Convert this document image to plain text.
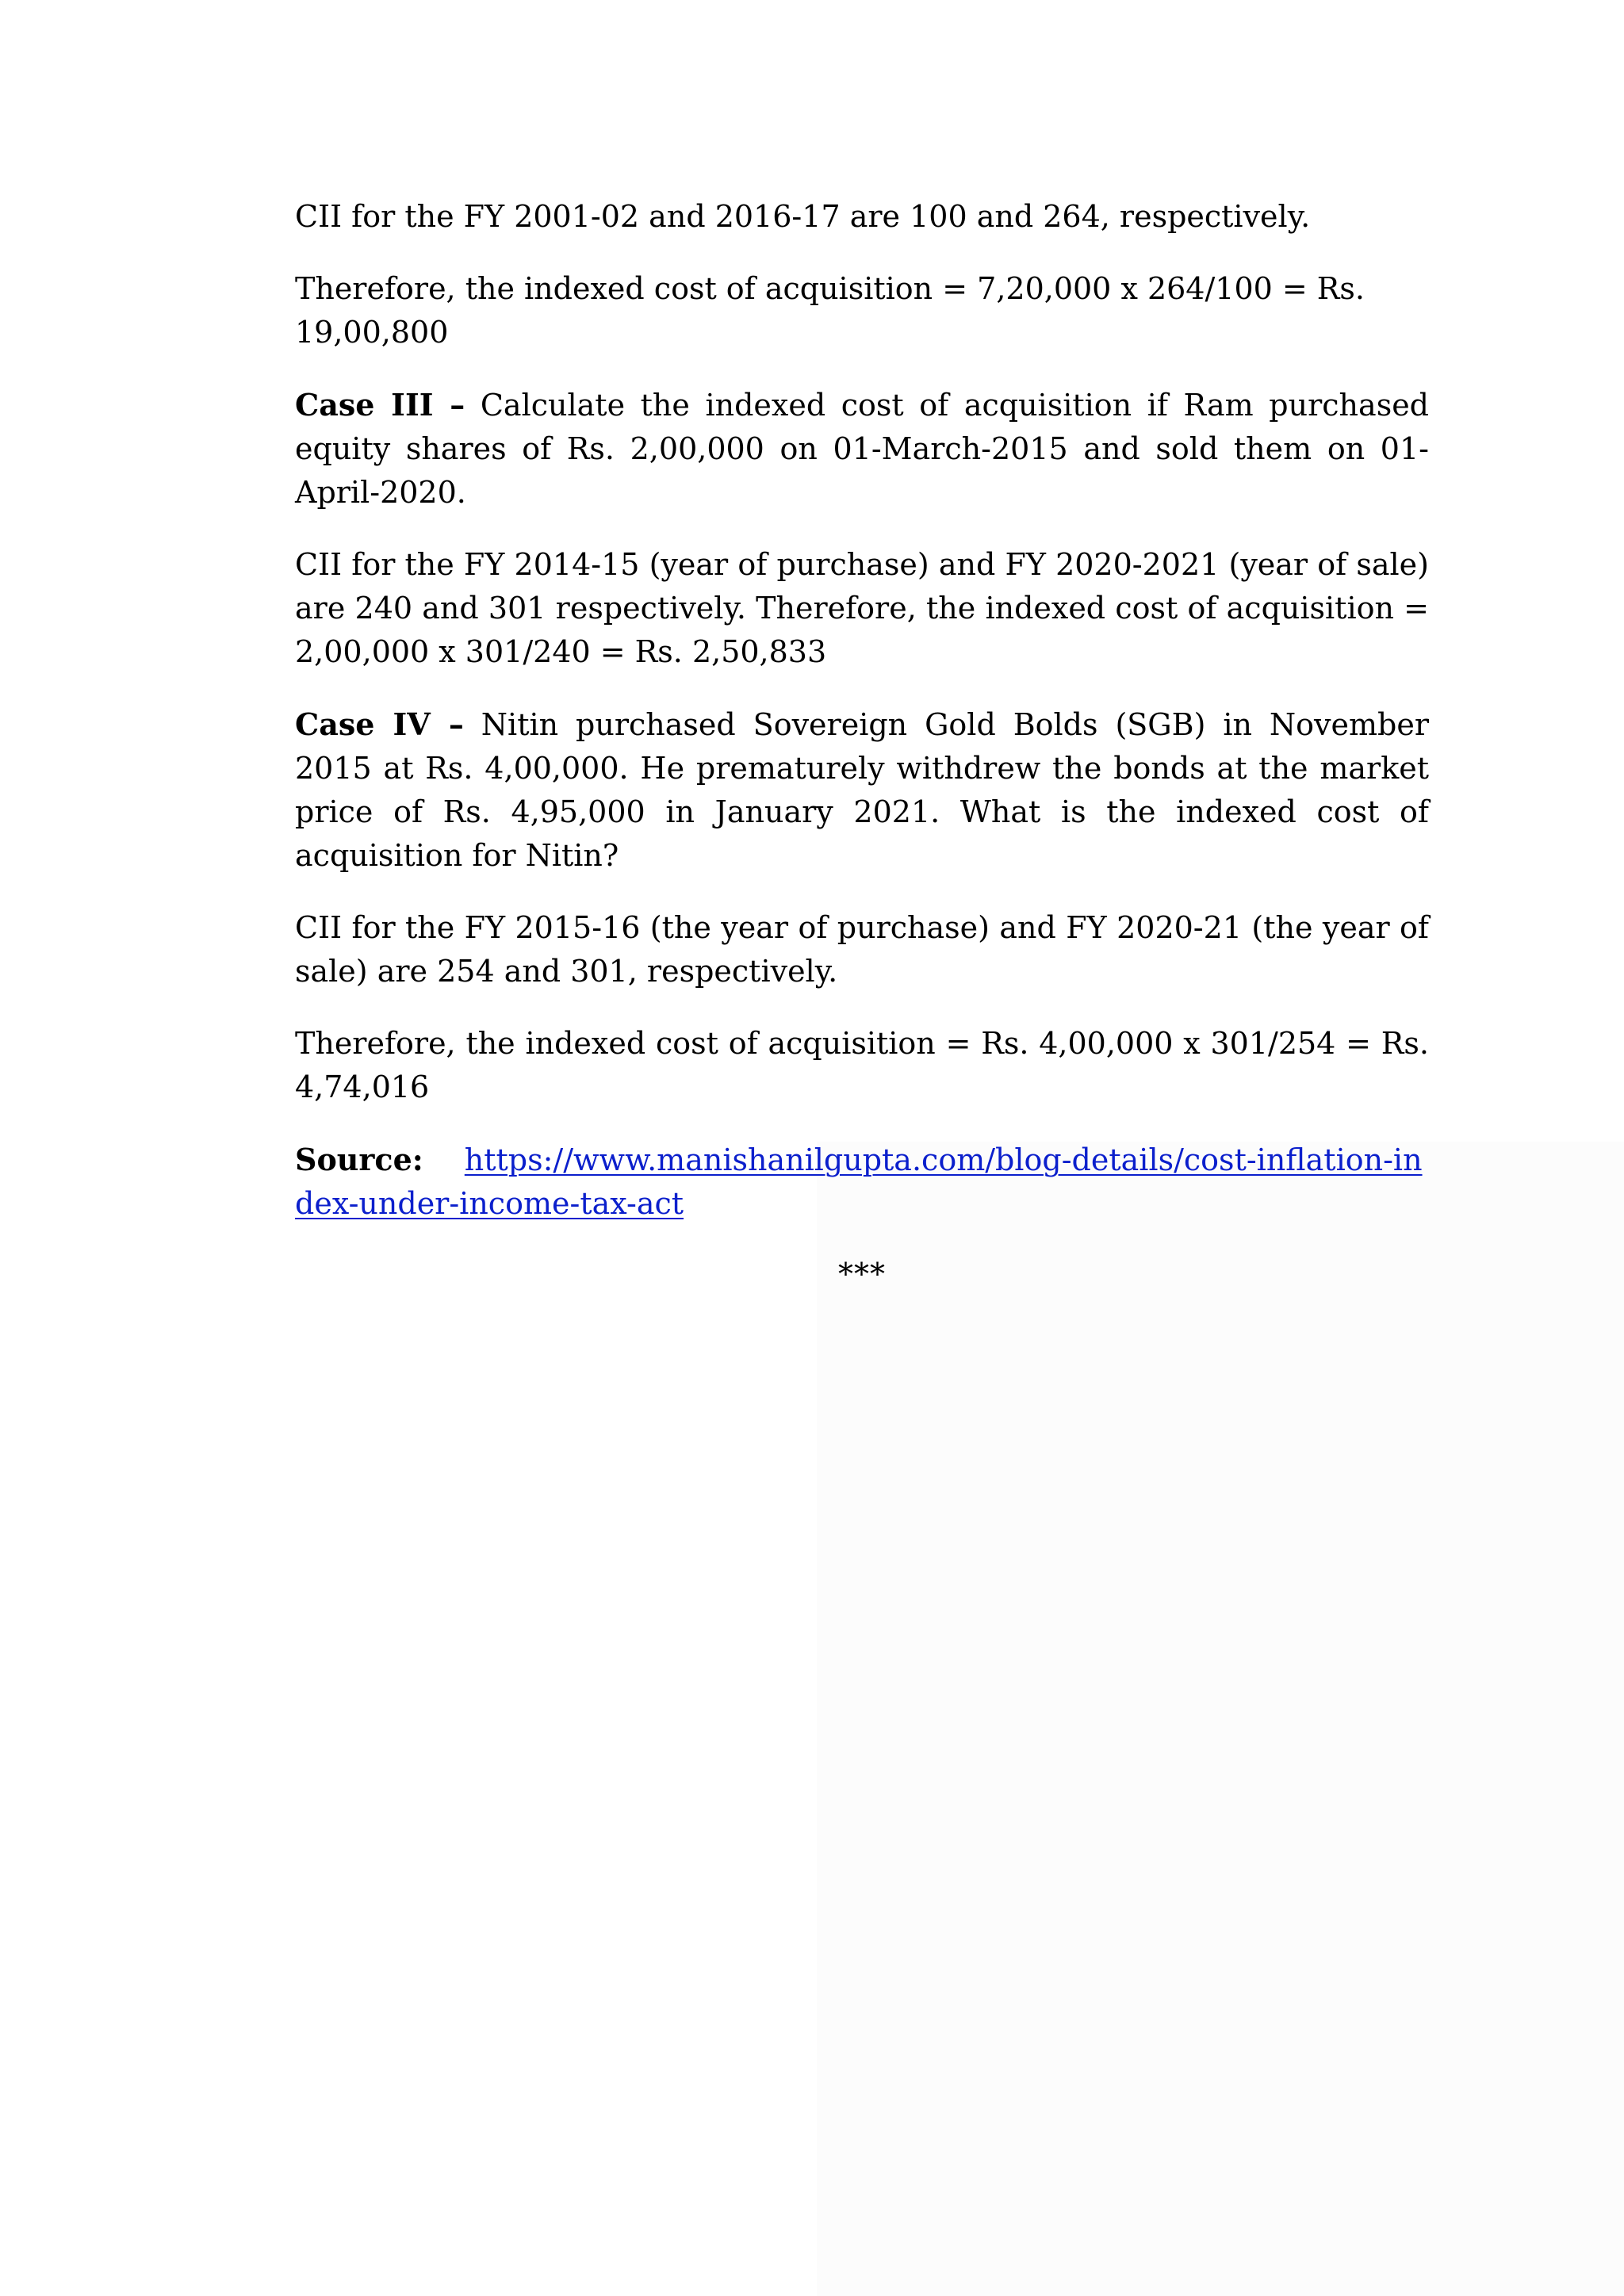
CII for the FY 2001-02 and 2016-17 are 100 and 264, respectively.

Therefore, the indexed cost of acquisition = 7,20,000 x 264/100 = Rs. 19,00,800

Case III – Calculate the indexed cost of acquisition if Ram purchased equity shares of Rs. 2,00,000 on 01-March-2015 and sold them on 01-April-2020.

CII for the FY 2014-15 (year of purchase) and FY 2020-2021 (year of sale) are 240 and 301 respectively. Therefore, the indexed cost of acquisition = 2,00,000 x 301/240 = Rs. 2,50,833

Case IV – Nitin purchased Sovereign Gold Bolds (SGB) in November 2015 at Rs. 4,00,000. He prematurely withdrew the bonds at the market price of Rs. 4,95,000 in January 2021. What is the indexed cost of acquisition for Nitin?

CII for the FY 2015-16 (the year of purchase) and FY 2020-21 (the year of sale) are 254 and 301, respectively.

Therefore, the indexed cost of acquisition = Rs. 4,00,000 x 301/254 = Rs. 4,74,016

Source: https://www.manishanilgupta.com/blog-details/cost-inflation-index-under-income-tax-act

***
